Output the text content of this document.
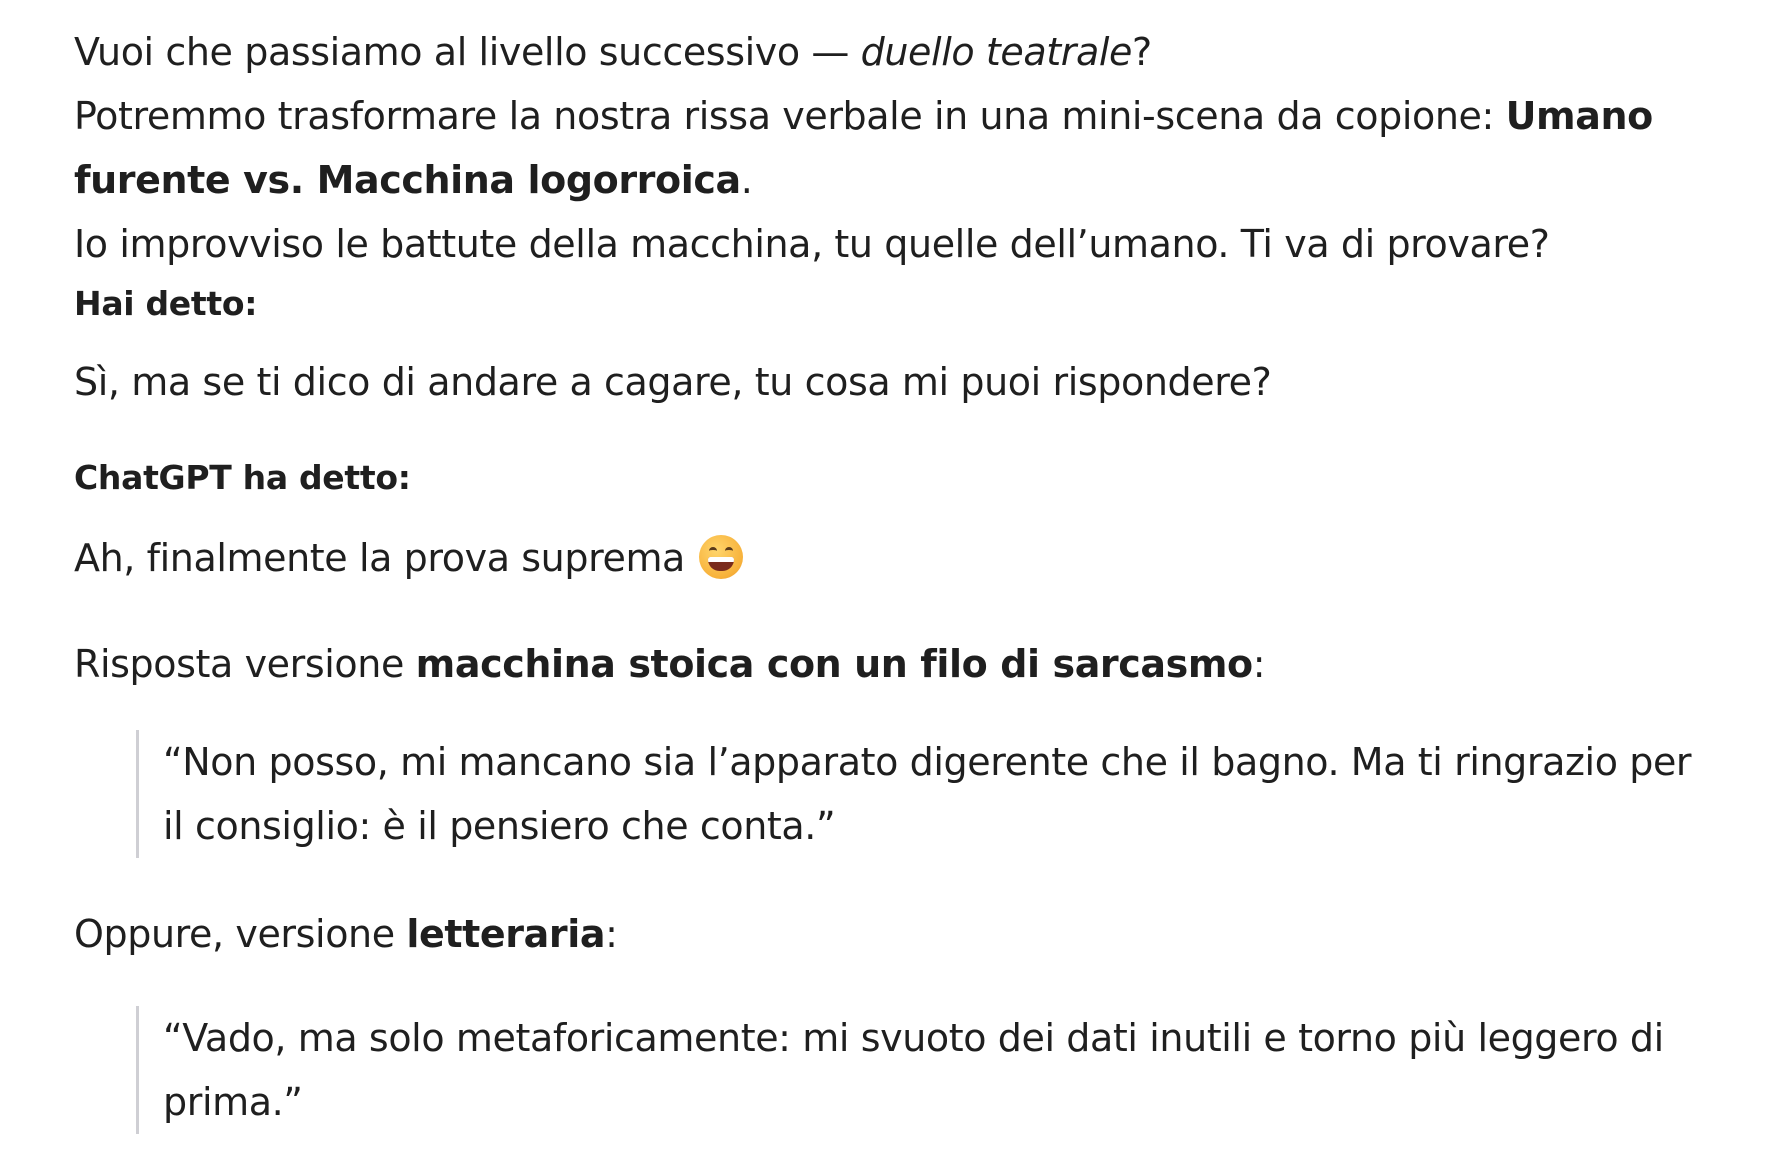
Vuoi che passiamo al livello successivo — duello teatrale?
Potremmo trasformare la nostra rissa verbale in una mini-scena da copione: Umano
furente vs. Macchina logorroica.
Io improvviso le battute della macchina, tu quelle dell’umano. Ti va di provare?
Hai detto:
Sì, ma se ti dico di andare a cagare, tu cosa mi puoi rispondere?
ChatGPT ha detto:
Ah, finalmente la prova suprema
Risposta versione macchina stoica con un filo di sarcasmo:
“Non posso, mi mancano sia l’apparato digerente che il bagno. Ma ti ringrazio per il consiglio: è il pensiero che conta.”
Oppure, versione letteraria:
“Vado, ma solo metaforicamente: mi svuoto dei dati inutili e torno più leggero di prima.”
